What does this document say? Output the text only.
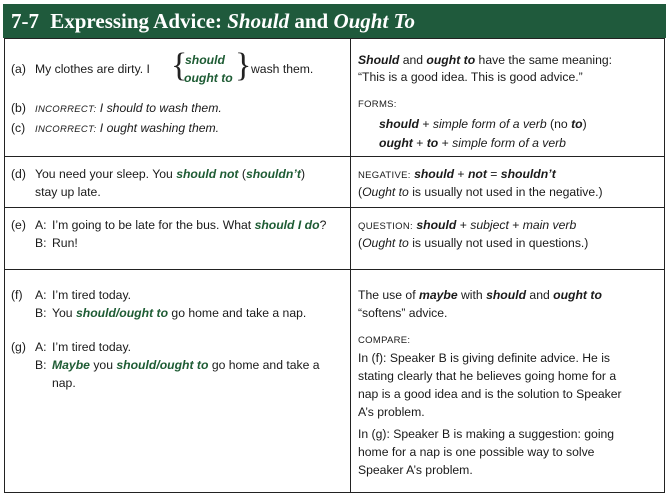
7-7 Expressing Advice: Should and Ought To
(a) My clothes are dirty. I {
should
ought to } wash them.
(b) INCORRECT: I should to wash them.
(c) INCORRECT: I ought washing them.
Should and ought to have the same meaning:
“This is a good idea. This is good advice.”
FORMS:
should + simple form of a verb (no to)
ought + to + simple form of a verb
(d) You need your sleep. You should not (shouldn’t)
stay up late.
NEGATIVE: should + not = shouldn’t
(Ought to is usually not used in the negative.)
(e) A: I’m going to be late for the bus. What should I do?
B: Run!
QUESTION: should + subject + main verb
(Ought to is usually not used in questions.)
(f) A: I’m tired today.
B: You should/ought to go home and take a nap.
(g) A: I’m tired today.
B: Maybe you should/ought to go home and take a
nap.
The use of maybe with should and ought to
“softens” advice.
COMPARE:
In (f): Speaker B is giving definite advice. He is
stating clearly that he believes going home for a
nap is a good idea and is the solution to Speaker
A’s problem.
In (g): Speaker B is making a suggestion: going
home for a nap is one possible way to solve
Speaker A’s problem.
